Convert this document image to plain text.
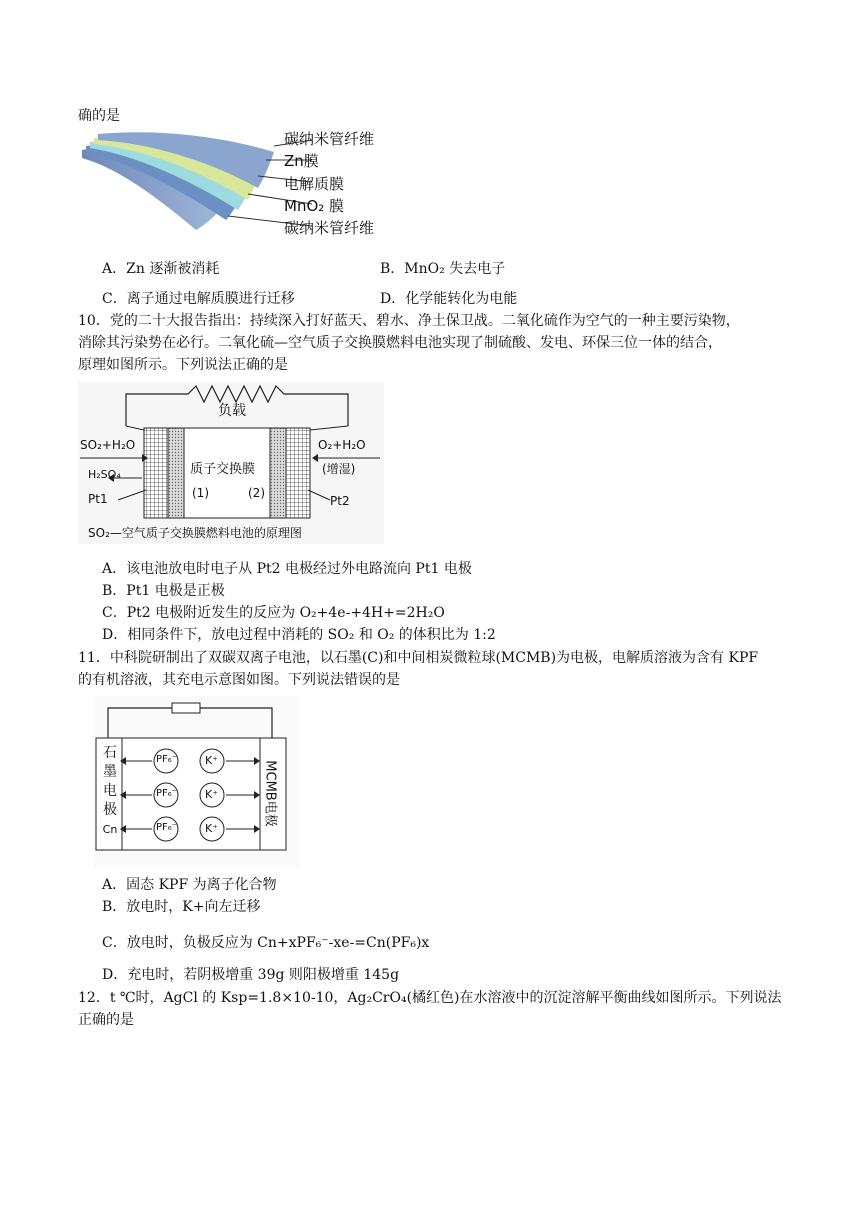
确的是
碳纳米管纤维
Zn膜
电解质膜
MnO₂ 膜
碳纳米管纤维
A．Zn 逐渐被消耗	B．MnO₂ 失去电子
C．离子通过电解质膜进行迁移	D．化学能转化为电能
10．党的二十大报告指出：持续深入打好蓝天、碧水、净土保卫战。二氧化硫作为空气的一种主要污染物，
消除其污染势在必行。二氧化硫—空气质子交换膜燃料电池实现了制硫酸、发电、环保三位一体的结合，
原理如图所示。下列说法正确的是
负载
SO₂+H₂O
H₂SO₄
Pt1
O₂+H₂O
(增湿)
Pt2
质子交换膜
(1)	(2)
SO₂—空气质子交换膜燃料电池的原理图
A．该电池放电时电子从 Pt2 电极经过外电路流向 Pt1 电极
B．Pt1 电极是正极
C．Pt2 电极附近发生的反应为 O₂+4e-+4H+=2H₂O
D．相同条件下，放电过程中消耗的 SO₂ 和 O₂ 的体积比为 1:2
11．中科院研制出了双碳双离子电池，以石墨(C)和中间相炭微粒球(MCMB)为电极，电解质溶液为含有 KPF
的有机溶液，其充电示意图如图。下列说法错误的是
石
墨
电
极
Cn
MCMB电极
PF₆⁻
PF₆⁻
PF₆⁻
K⁺
K⁺
K⁺
A．固态 KPF 为离子化合物
B．放电时，K+向左迁移
C．放电时，负极反应为 Cn+xPF₆⁻-xe-=Cn(PF₆)x
D．充电时，若阴极增重 39g 则阳极增重 145g
12．t ℃时，AgCl 的 Ksp=1.8×10-10，Ag₂CrO₄(橘红色)在水溶液中的沉淀溶解平衡曲线如图所示。下列说法
正确的是
